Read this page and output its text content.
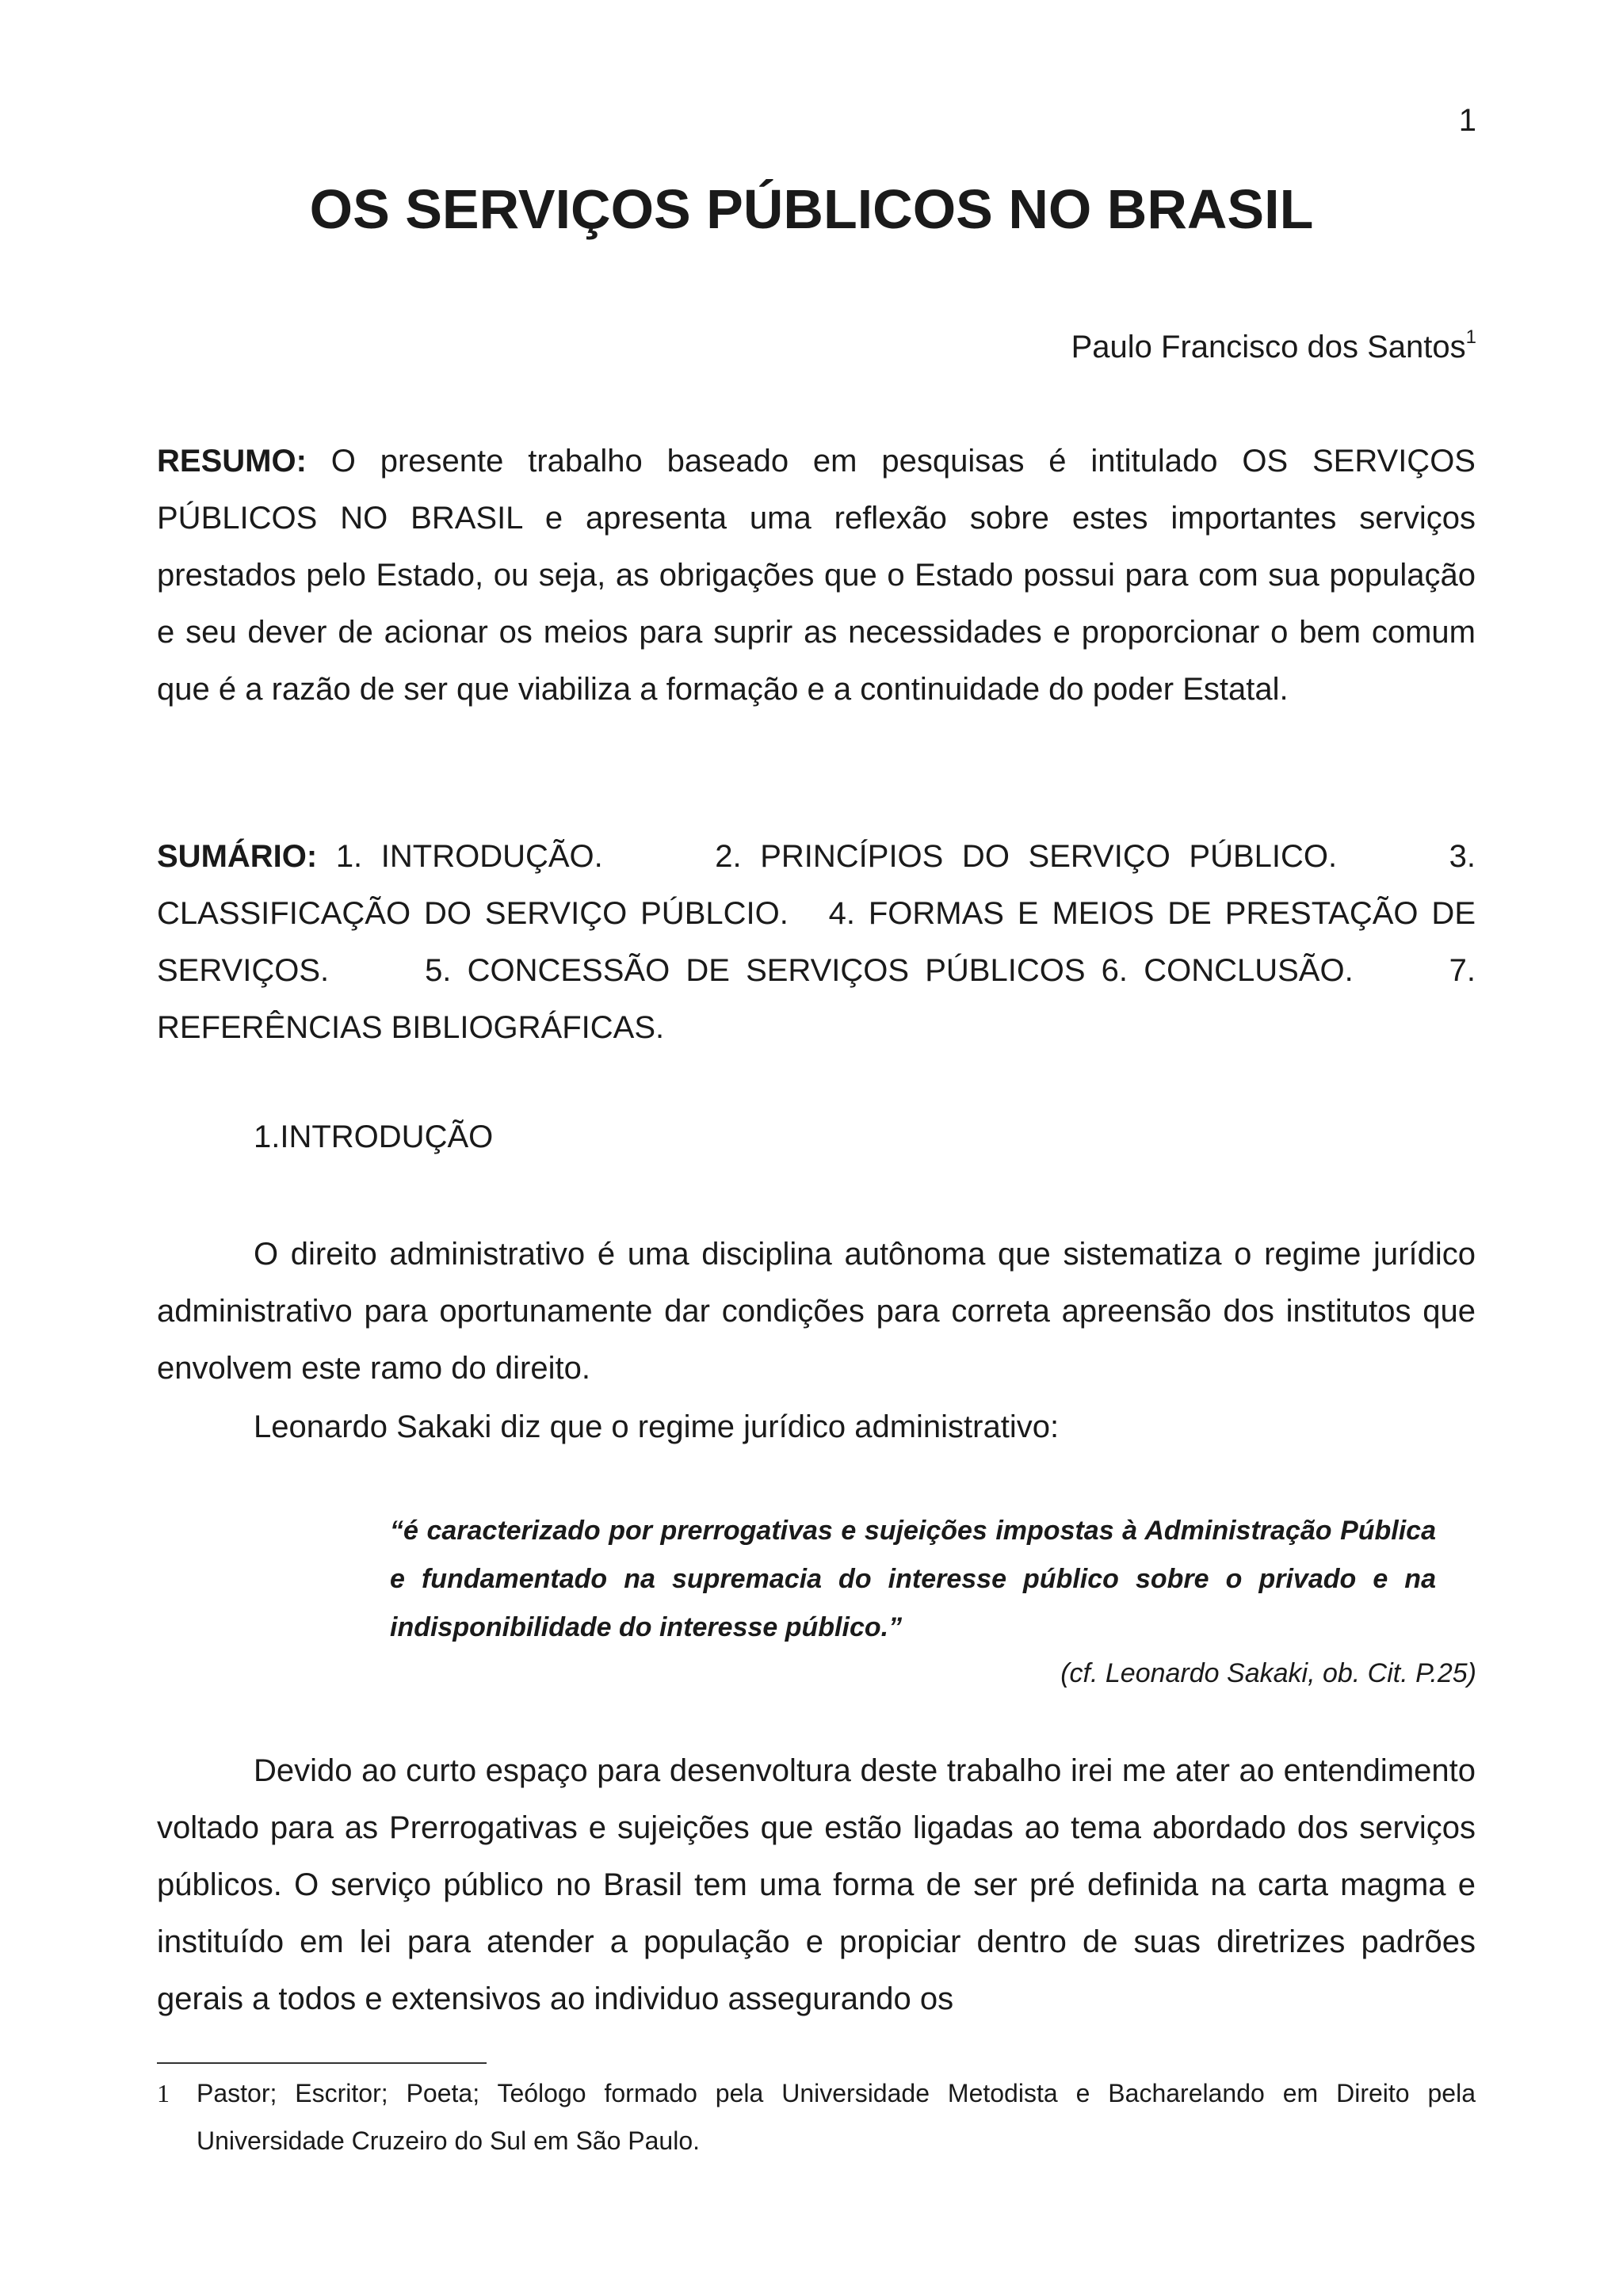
1
OS SERVIÇOS PÚBLICOS NO BRASIL
Paulo Francisco dos Santos$^1$
RESUMO: O presente trabalho baseado em pesquisas é intitulado OS SERVIÇOS PÚBLICOS NO BRASIL e apresenta uma reflexão sobre estes importantes serviços prestados pelo Estado, ou seja, as obrigações que o Estado possui para com sua população e seu dever de acionar os meios para suprir as necessidades e proporcionar o bem comum que é a razão de ser que viabiliza a formação e a continuidade do poder Estatal.
SUMÁRIO: 1. INTRODUÇÃO.      2. PRINCÍPIOS DO SERVIÇO PÚBLICO.      3. CLASSIFICAÇÃO DO SERVIÇO PÚBLCIO.   4. FORMAS E MEIOS DE PRESTAÇÃO DE SERVIÇOS.      5. CONCESSÃO DE SERVIÇOS PÚBLICOS 6. CONCLUSÃO.      7. REFERÊNCIAS BIBLIOGRÁFICAS.
1.INTRODUÇÃO
O direito administrativo é uma disciplina autônoma que sistematiza o regime jurídico administrativo para oportunamente dar condições para correta apreensão dos institutos que envolvem este ramo do direito.
Leonardo Sakaki diz que o regime jurídico administrativo:
“é caracterizado por prerrogativas e sujeições impostas à Administração Pública e fundamentado na supremacia do interesse público sobre o privado e na indisponibilidade do interesse público.”
(cf. Leonardo Sakaki, ob. Cit. P.25)
Devido ao curto espaço para desenvoltura deste trabalho irei me ater ao entendimento voltado para as Prerrogativas e sujeições que estão ligadas ao tema abordado dos serviços públicos. O serviço público no Brasil tem uma forma de ser pré definida na carta magma e instituído em lei para atender a população e propiciar dentro de suas diretrizes padrões gerais a todos e extensivos ao individuo assegurando os
1 Pastor; Escritor; Poeta; Teólogo formado pela Universidade Metodista e Bacharelando em Direito pela Universidade Cruzeiro do Sul em São Paulo.
